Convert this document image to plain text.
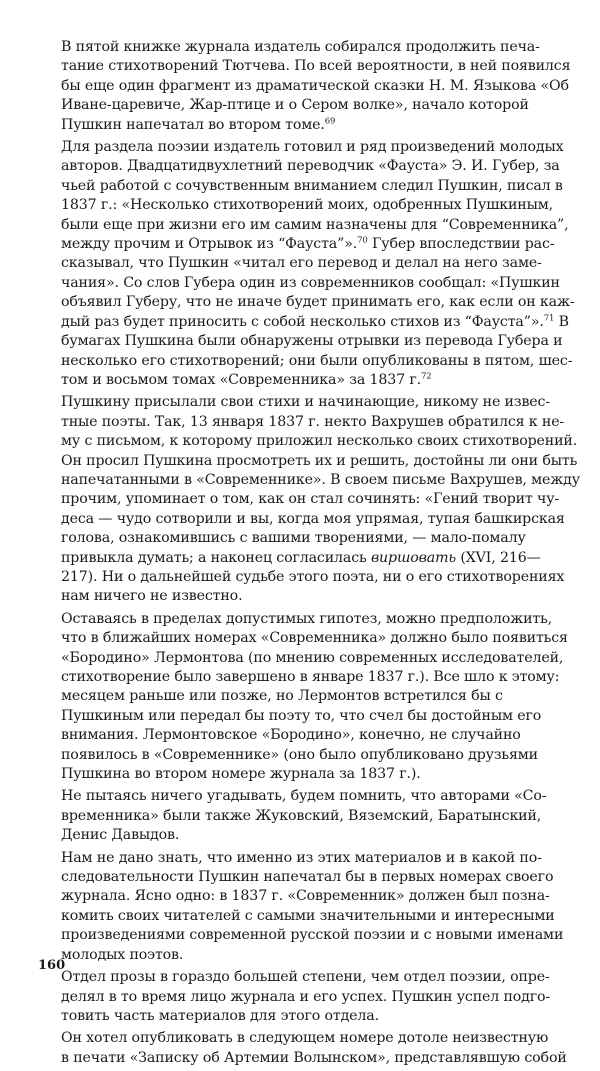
В пятой книжке журнала издатель собирался продолжить печа-
тание стихотворений Тютчева. По всей вероятности, в ней появился
бы еще один фрагмент из драматической сказки Н. М. Языкова «Об
Иване-царевиче, Жар-птице и о Сером волке», начало которой
Пушкин напечатал во втором томе.$^{69}$

Для раздела поэзии издатель готовил и ряд произведений молодых
авторов. Двадцатидвухлетний переводчик «Фауста» Э. И. Губер, за
чьей работой с сочувственным вниманием следил Пушкин, писал в
1837 г.: «Несколько стихотворений моих, одобренных Пушкиным,
были еще при жизни его им самим назначены для “Современника”,
между прочим и Отрывок из “Фауста”».$^{70}$ Губер впоследствии рас-
сказывал, что Пушкин «читал его перевод и делал на него заме-
чания». Со слов Губера один из современников сообщал: «Пушкин
объявил Губеру, что не иначе будет принимать его, как если он каж-
дый раз будет приносить с собой несколько стихов из “Фауста”».$^{71}$ В
бумагах Пушкина были обнаружены отрывки из перевода Губера и
несколько его стихотворений; они были опубликованы в пятом, шес-
том и восьмом томах «Современника» за 1837 г.$^{72}$

Пушкину присылали свои стихи и начинающие, никому не извес-
тные поэты. Так, 13 января 1837 г. некто Вахрушев обратился к не-
му с письмом, к которому приложил несколько своих стихотворений.
Он просил Пушкина просмотреть их и решить, достойны ли они быть
напечатанными в «Современнике». В своем письме Вахрушев, между
прочим, упоминает о том, как он стал сочинять: «Гений творит чу-
деса — чудо сотворили и вы, когда моя упрямая, тупая башкирская
голова, ознакомившись с вашими творениями, — мало-помалу
привыкла думать; а наконец согласилась виршовать (XVI, 216—
217). Ни о дальнейшей судьбе этого поэта, ни о его стихотворениях
нам ничего не известно.

Оставаясь в пределах допустимых гипотез, можно предположить,
что в ближайших номерах «Современника» должно было появиться
«Бородино» Лермонтова (по мнению современных исследователей,
стихотворение было завершено в январе 1837 г.). Все шло к этому:
месяцем раньше или позже, но Лермонтов встретился бы с
Пушкиным или передал бы поэту то, что счел бы достойным его
внимания. Лермонтовское «Бородино», конечно, не случайно
появилось в «Современнике» (оно было опубликовано друзьями
Пушкина во втором номере журнала за 1837 г.).

Не пытаясь ничего угадывать, будем помнить, что авторами «Со-
временника» были также Жуковский, Вяземский, Баратынский,
Денис Давыдов.

Нам не дано знать, что именно из этих материалов и в какой по-
следовательности Пушкин напечатал бы в первых номерах своего
журнала. Ясно одно: в 1837 г. «Современник» должен был позна-
комить своих читателей с самыми значительными и интересными
произведениями современной русской поэзии и с новыми именами
молодых поэтов.

Отдел прозы в гораздо большей степени, чем отдел поэзии, опре-
делял в то время лицо журнала и его успех. Пушкин успел подго-
товить часть материалов для этого отдела.

Он хотел опубликовать в следующем номере дотоле неизвестную
в печати «Записку об Артемии Волынском», представлявшую собой

160
